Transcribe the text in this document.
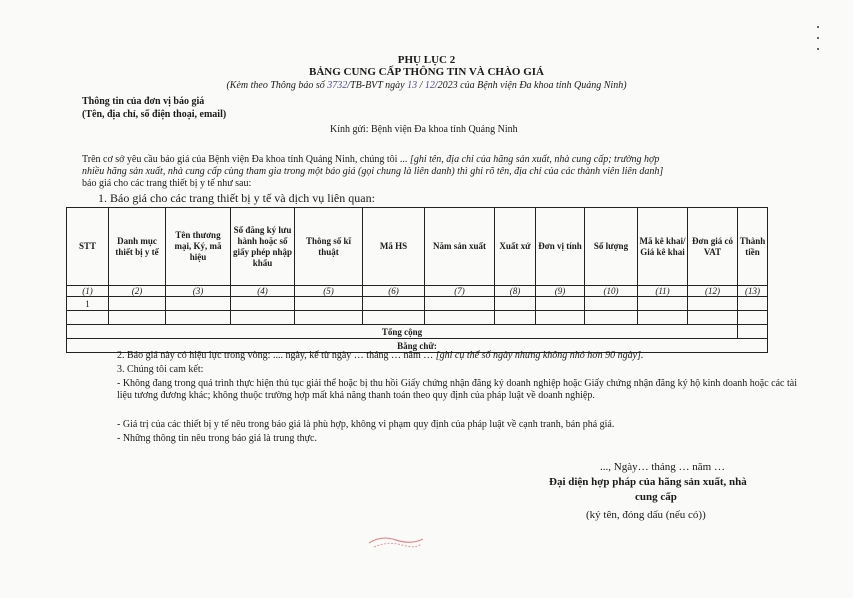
PHỤ LỤC 2
BẢNG CUNG CẤP THÔNG TIN VÀ CHÀO GIÁ
(Kèm theo Thông báo số 3732/TB-BVT ngày 13 / 12/2023 của Bệnh viện Đa khoa tỉnh Quảng Ninh)
Thông tin của đơn vị báo giá
(Tên, địa chỉ, số điện thoại, email)
Kính gửi: Bệnh viện Đa khoa tỉnh Quảng Ninh
Trên cơ sở yêu cầu báo giá của Bệnh viện Đa khoa tỉnh Quảng Ninh, chúng tôi ... [ghi tên, địa chỉ của hãng sản xuất, nhà cung cấp; trường hợp
nhiều hãng sản xuất, nhà cung cấp cùng tham gia trong một báo giá (gọi chung là liên danh) thì ghi rõ tên, địa chỉ của các thành viên liên danh]
báo giá cho các trang thiết bị y tế như sau:
1. Báo giá cho các trang thiết bị y tế và dịch vụ liên quan:
STT	Danh mục thiết bị y tế	Tên thương mại, Ký, mã hiệu	Số đăng ký lưu hành hoặc số giấy phép nhập khẩu	Thông số kĩ thuật	Mã HS	Năm sản xuất	Xuất xứ	Đơn vị tính	Số lượng	Mã kê khai/ Giá kê khai	Đơn giá có VAT	Thành tiền
(1)	(2)	(3)	(4)	(5)	(6)	(7)	(8)	(9)	(10)	(11)	(12)	(13)
1												

Tổng cộng												
Bằng chữ:												
2. Báo giá này có hiệu lực trong vòng: .... ngày, kể từ ngày … tháng … năm … [ghi cụ thể số ngày nhưng không nhỏ hơn 90 ngày].
3. Chúng tôi cam kết:
- Không đang trong quá trình thực hiện thủ tục giải thể hoặc bị thu hồi Giấy chứng nhận đăng ký doanh nghiệp hoặc Giấy chứng nhận đăng ký hộ kinh doanh hoặc các tài liệu tương đương khác; không thuộc trường hợp mất khả năng thanh toán theo quy định của pháp luật về doanh nghiệp.
- Giá trị của các thiết bị y tế nêu trong báo giá là phù hợp, không vi phạm quy định của pháp luật về cạnh tranh, bán phá giá.
- Những thông tin nêu trong báo giá là trung thực.
..., Ngày… tháng … năm …
Đại diện hợp pháp của hãng sản xuất, nhà
cung cấp
(ký tên, đóng dấu (nếu có))
